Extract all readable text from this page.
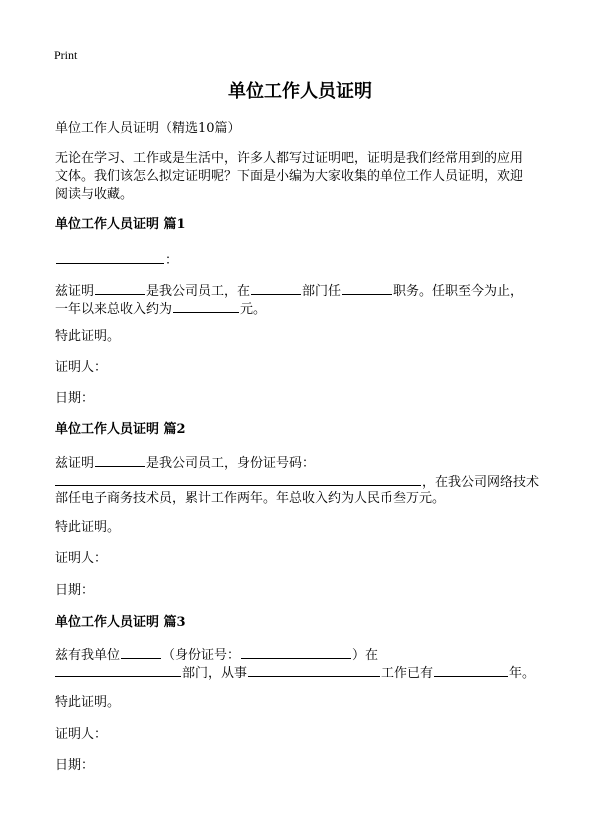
Print
单位工作人员证明
单位工作人员证明（精选10篇）
无论在学习、工作或是生活中，许多人都写过证明吧，证明是我们经常用到的应用
文体。我们该怎么拟定证明呢？下面是小编为大家收集的单位工作人员证明，欢迎
阅读与收藏。
单位工作人员证明 篇1
：
兹证明	是我公司员工，在	部门任	职务。任职至今为止，
一年以来总收入约为	元。
特此证明。
证明人：
日期：
单位工作人员证明 篇2
兹证明	是我公司员工，身份证号码：
，在我公司网络技术
部任电子商务技术员，累计工作两年。年总收入约为人民币叁万元。
特此证明。
证明人：
日期：
单位工作人员证明 篇3
兹有我单位	（身份证号：	）在
部门，从事	工作已有	年。
特此证明。
证明人：
日期：
